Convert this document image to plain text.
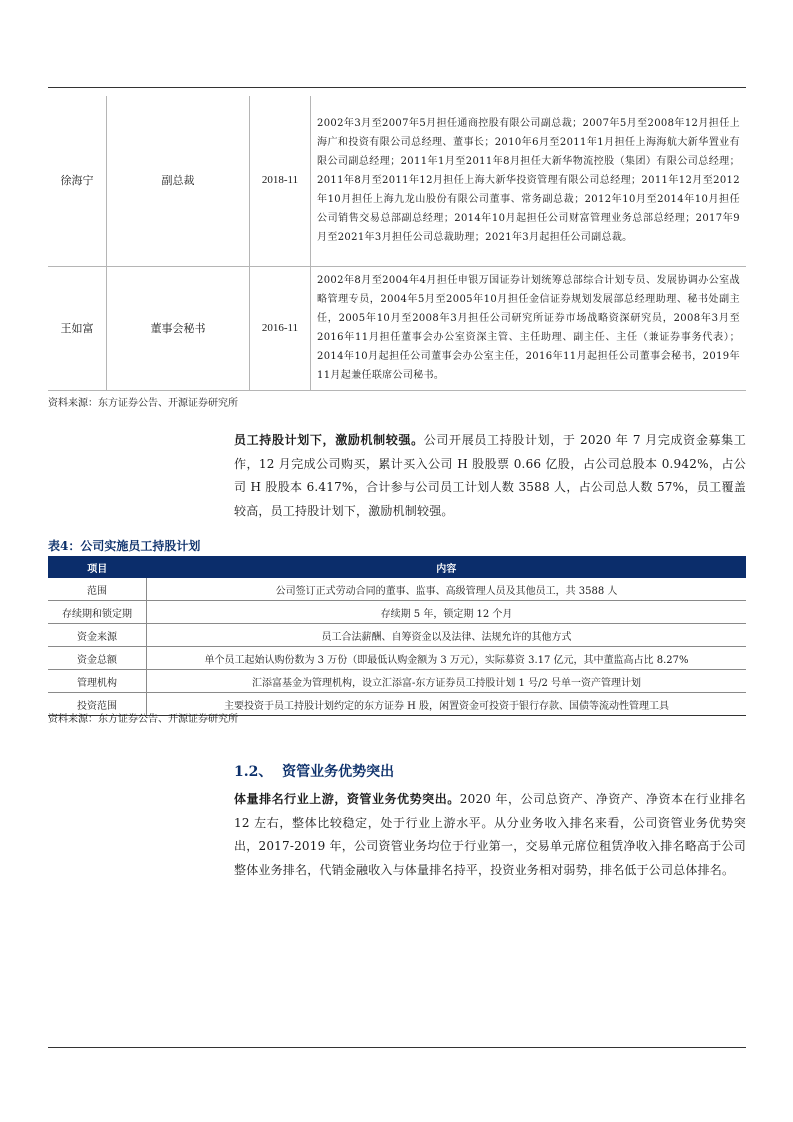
徐海宁	副总裁	2018-11	2002年3月至2007年5月担任通商控股有限公司副总裁；2007年5月至2008年12月担任上海广和投资有限公司总经理、董事长；2010年6月至2011年1月担任上海海航大新华置业有限公司副总经理；2011年1月至2011年8月担任大新华物流控股（集团）有限公司总经理；2011年8月至2011年12月担任上海大新华投资管理有限公司总经理；2011年12月至2012年10月担任上海九龙山股份有限公司董事、常务副总裁；2012年10月至2014年10月担任公司销售交易总部副总经理；2014年10月起担任公司财富管理业务总部总经理；2017年9月至2021年3月担任公司总裁助理；2021年3月起担任公司副总裁。
王如富	董事会秘书	2016-11	2002年8月至2004年4月担任申银万国证券计划统筹总部综合计划专员、发展协调办公室战略管理专员，2004年5月至2005年10月担任金信证券规划发展部总经理助理、秘书处副主任，2005年10月至2008年3月担任公司研究所证券市场战略资深研究员，2008年3月至2016年11月担任董事会办公室资深主管、主任助理、副主任、主任（兼证券事务代表）；2014年10月起担任公司董事会办公室主任，2016年11月起担任公司董事会秘书，2019年11月起兼任联席公司秘书。
资料来源：东方证券公告、开源证券研究所
员工持股计划下，激励机制较强。公司开展员工持股计划，于 2020 年 7 月完成资金募集工作，12 月完成公司购买，累计买入公司 H 股股票 0.66 亿股，占公司总股本 0.942%，占公司 H 股股本 6.417%，合计参与公司员工计划人数 3588 人，占公司总人数 57%，员工覆盖较高，员工持股计划下，激励机制较强。
表4：公司实施员工持股计划
项目	内容
范围	公司签订正式劳动合同的董事、监事、高级管理人员及其他员工，共 3588 人
存续期和锁定期	存续期 5 年，锁定期 12 个月
资金来源	员工合法薪酬、自筹资金以及法律、法规允许的其他方式
资金总额	单个员工起始认购份数为 3 万份（即最低认购金额为 3 万元），实际募资 3.17 亿元，其中董监高占比 8.27%
管理机构	汇添富基金为管理机构，设立汇添富-东方证券员工持股计划 1 号/2 号单一资产管理计划
投资范围	主要投资于员工持股计划约定的东方证券 H 股，闲置资金可投资于银行存款、国债等流动性管理工具
资料来源：东方证券公告、开源证券研究所
1.2、 资管业务优势突出
体量排名行业上游，资管业务优势突出。2020 年，公司总资产、净资产、净资本在行业排名 12 左右，整体比较稳定，处于行业上游水平。从分业务收入排名来看，公司资管业务优势突出，2017-2019 年，公司资管业务均位于行业第一，交易单元席位租赁净收入排名略高于公司整体业务排名，代销金融收入与体量排名持平，投资业务相对弱势，排名低于公司总体排名。
